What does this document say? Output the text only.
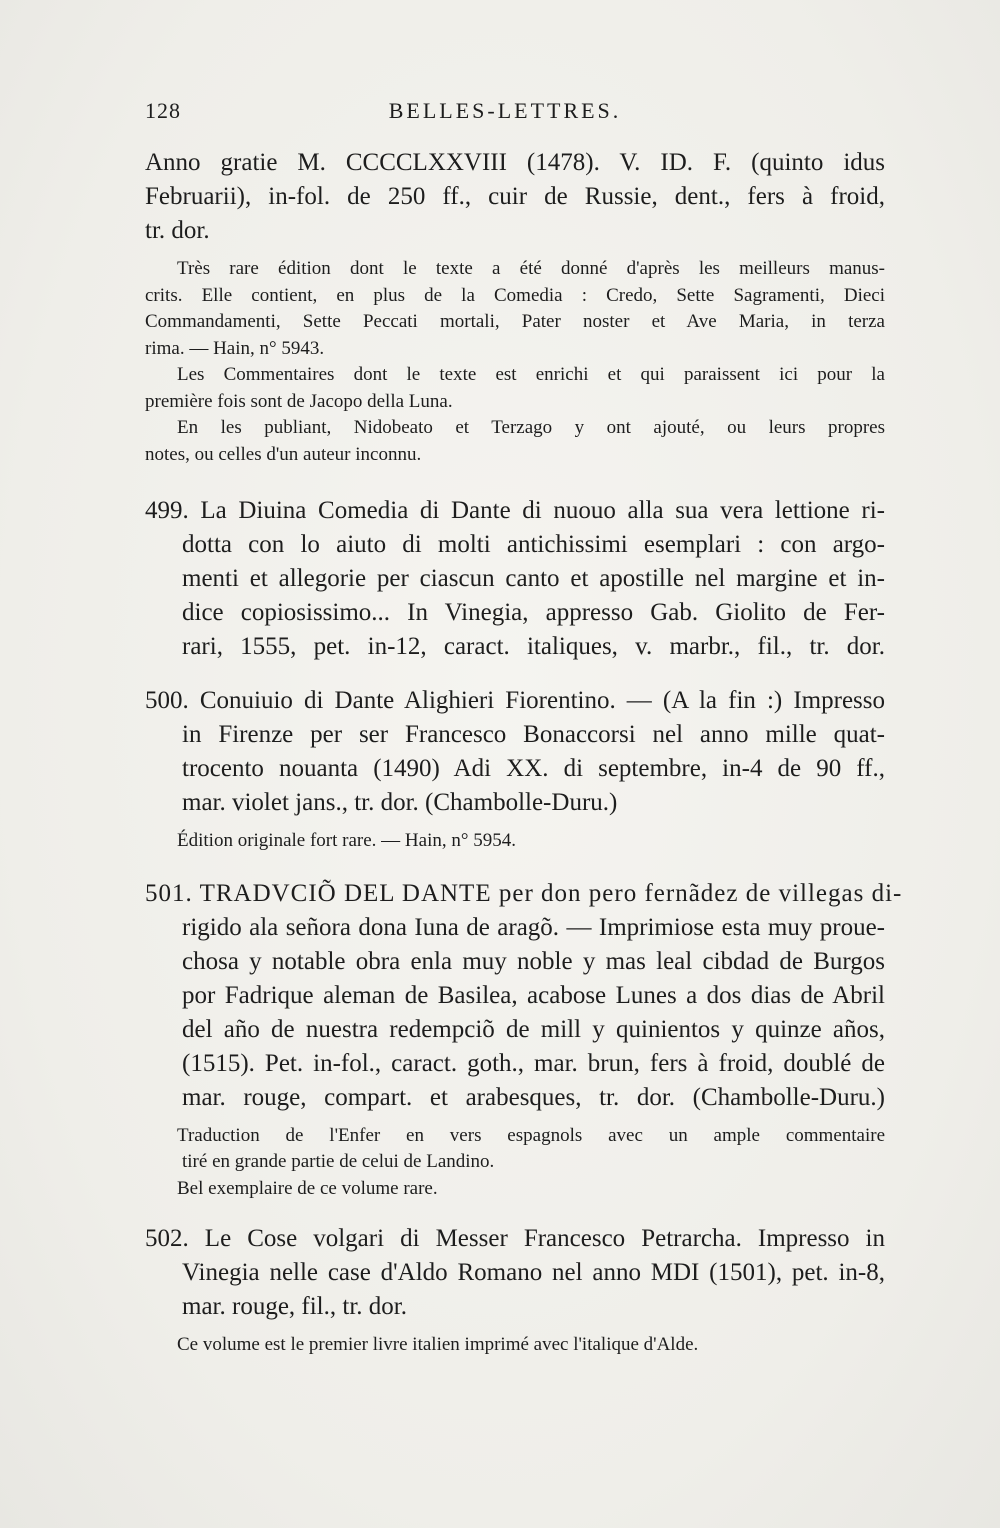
128	BELLES-LETTRES.
Anno gratie M. CCCCLXXVIII (1478). V. ID. F. (quinto idus
Februarii), in-fol. de 250 ff., cuir de Russie, dent., fers à froid,
tr. dor.
Très rare édition dont le texte a été donné d'après les meilleurs manus-
crits. Elle contient, en plus de la Comedia : Credo, Sette Sagramenti, Dieci
Commandamenti, Sette Peccati mortali, Pater noster et Ave Maria, in terza
rima. — Hain, n° 5943.
Les Commentaires dont le texte est enrichi et qui paraissent ici pour la
première fois sont de Jacopo della Luna.
En les publiant, Nidobeato et Terzago y ont ajouté, ou leurs propres
notes, ou celles d'un auteur inconnu.
499. La Diuina Comedia di Dante di nuouo alla sua vera lettione ri-
dotta con lo aiuto di molti antichissimi esemplari : con argo-
menti et allegorie per ciascun canto et apostille nel margine et in-
dice copiosissimo... In Vinegia, appresso Gab. Giolito de Fer-
rari, 1555, pet. in-12, caract. italiques, v. marbr., fil., tr. dor.
500. Conuiuio di Dante Alighieri Fiorentino. — (A la fin :) Impresso
in Firenze per ser Francesco Bonaccorsi nel anno mille quat-
trocento nouanta (1490) Adi XX. di septembre, in-4 de 90 ff.,
mar. violet jans., tr. dor. (Chambolle-Duru.)
Édition originale fort rare. — Hain, n° 5954.
501. TRADVCIÕ DEL DANTE per don pero fernãdez de villegas di-
rigido ala señora dona Iuna de aragõ. — Imprimiose esta muy proue-
chosa y notable obra enla muy noble y mas leal cibdad de Burgos
por Fadrique aleman de Basilea, acabose Lunes a dos dias de Abril
del año de nuestra redempciõ de mill y quinientos y quinze años,
(1515). Pet. in-fol., caract. goth., mar. brun, fers à froid, doublé de
mar. rouge, compart. et arabesques, tr. dor. (Chambolle-Duru.)
Traduction de l'Enfer en vers espagnols avec un ample commentaire
tiré en grande partie de celui de Landino.
Bel exemplaire de ce volume rare.
502. Le Cose volgari di Messer Francesco Petrarcha. Impresso in
Vinegia nelle case d'Aldo Romano nel anno MDI (1501), pet. in-8,
mar. rouge, fil., tr. dor.
Ce volume est le premier livre italien imprimé avec l'italique d'Alde.
